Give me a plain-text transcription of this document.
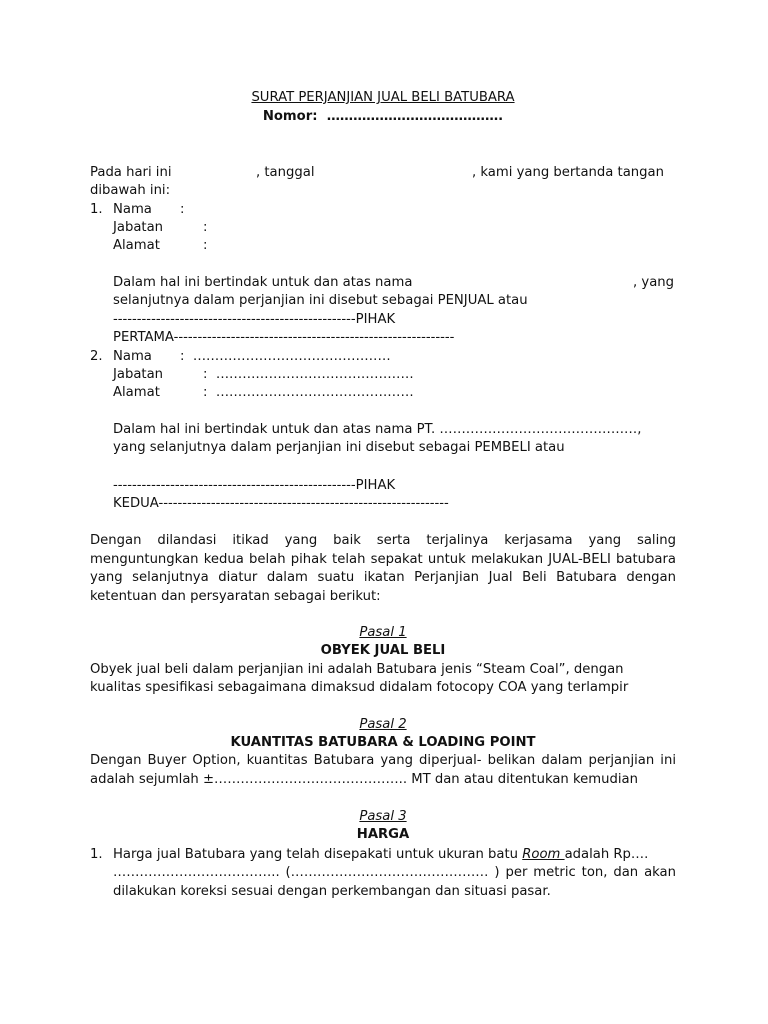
SURAT PERJANJIAN JUAL BELI BATUBARA
Nomor: ………………………………….
Pada hari ini	, tanggal	, kami yang bertanda tangan
dibawah ini:
1. Nama :
Jabatan	:
Alamat	:
Dalam hal ini bertindak untuk dan atas nama	, yang
selanjutnya dalam perjanjian ini disebut sebagai PENJUAL atau
---------------------------------------------------PIHAK
PERTAMA-----------------------------------------------------------
2. Nama :  ………………………………………
Jabatan	:  ………………………………………
Alamat	:  ………………………………………
Dalam hal ini bertindak untuk dan atas nama PT. ………………………………………,
yang selanjutnya dalam perjanjian ini disebut sebagai PEMBELI atau
---------------------------------------------------PIHAK
KEDUA-------------------------------------------------------------

Dengan dilandasi itikad yang baik serta terjalinya kerjasama yang saling menguntungkan kedua belah pihak telah sepakat untuk melakukan JUAL-BELI batubara yang selanjutnya diatur dalam suatu ikatan Perjanjian Jual Beli Batubara dengan ketentuan dan persyaratan sebagai berikut:

Pasal 1
OBYEK JUAL BELI
Obyek jual beli dalam perjanjian ini adalah Batubara jenis “Steam Coal”, dengan
kualitas spesifikasi sebagaimana dimaksud didalam fotocopy COA yang terlampir
Pasal 2
KUANTITAS BATUBARA & LOADING POINT

Dengan Buyer Option, kuantitas Batubara yang diperjual- belikan dalam perjanjian ini adalah sejumlah ±…………………………………….. MT dan atau ditentukan kemudian

Pasal 3
HARGA
1. Harga jual Batubara yang telah disepakati untuk ukuran batu Room adalah Rp….

……………………………….. (……………………………………… ) per metric ton, dan akan dilakukan koreksi sesuai dengan perkembangan dan situasi pasar.
